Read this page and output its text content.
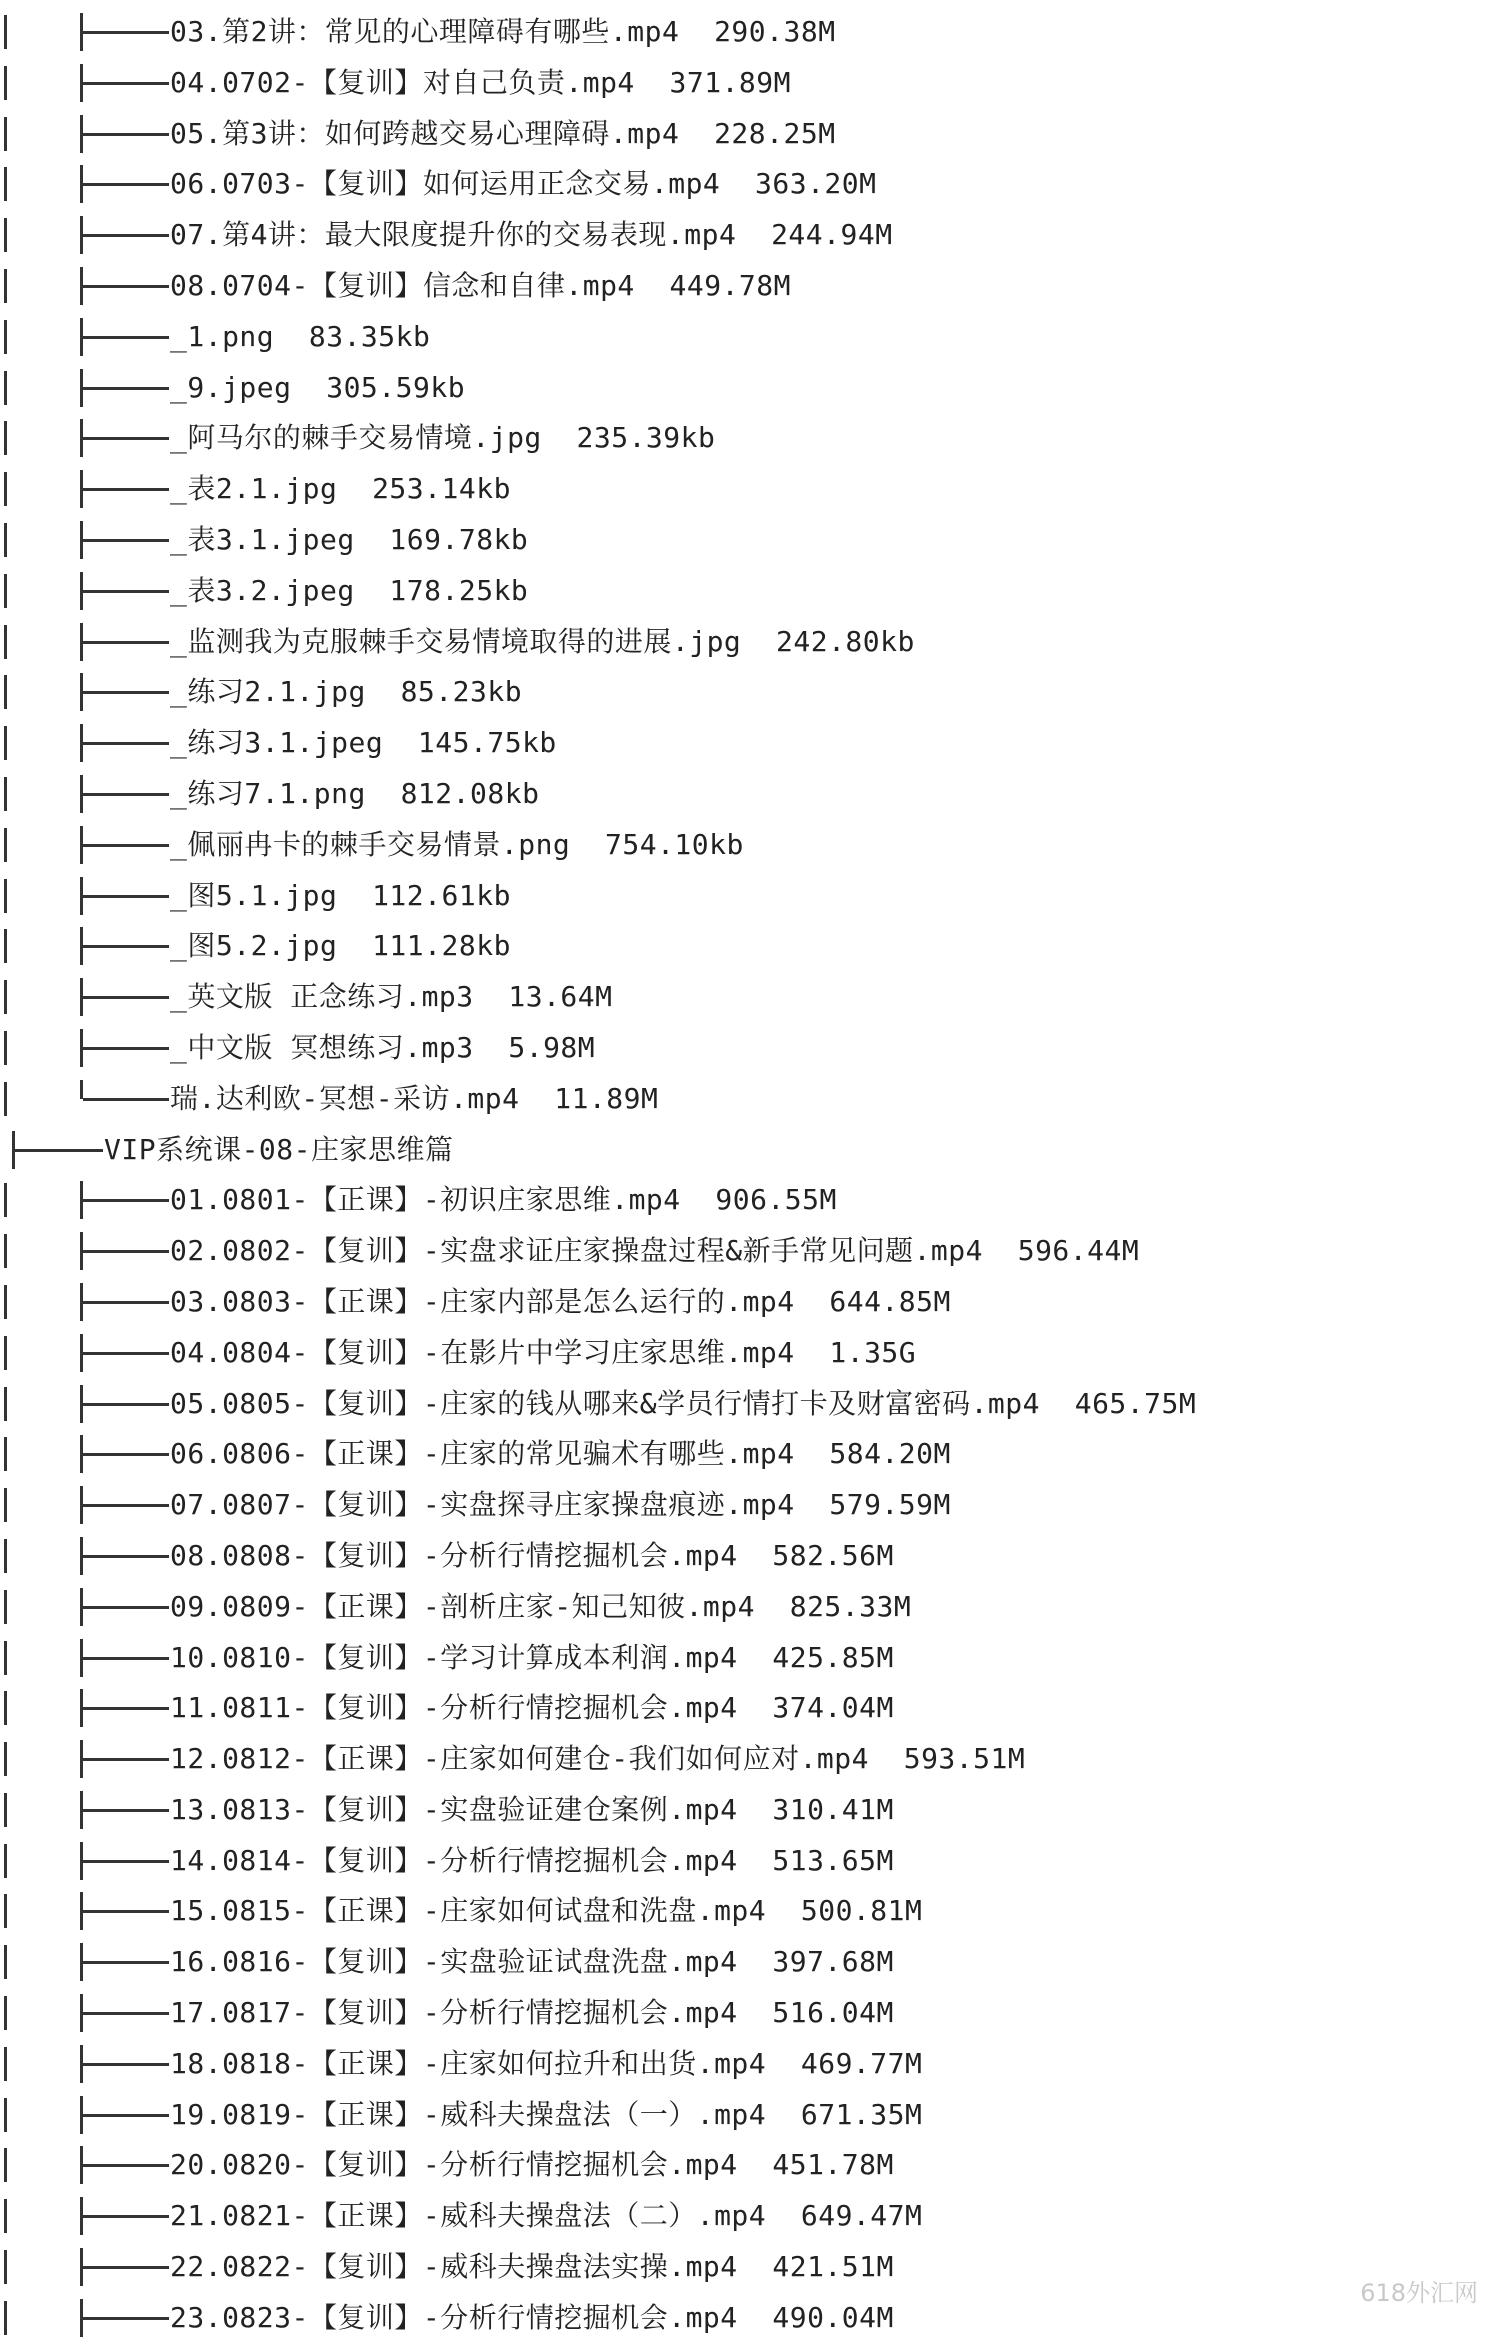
03.第2讲：常见的心理障碍有哪些.mp4  290.38M
04.0702-【复训】对自己负责.mp4  371.89M
05.第3讲：如何跨越交易心理障碍.mp4  228.25M
06.0703-【复训】如何运用正念交易.mp4  363.20M
07.第4讲：最大限度提升你的交易表现.mp4  244.94M
08.0704-【复训】信念和自律.mp4  449.78M
_1.png  83.35kb
_9.jpeg  305.59kb
_阿马尔的棘手交易情境.jpg  235.39kb
_表2.1.jpg  253.14kb
_表3.1.jpeg  169.78kb
_表3.2.jpeg  178.25kb
_监测我为克服棘手交易情境取得的进展.jpg  242.80kb
_练习2.1.jpg  85.23kb
_练习3.1.jpeg  145.75kb
_练习7.1.png  812.08kb
_佩丽冉卡的棘手交易情景.png  754.10kb
_图5.1.jpg  112.61kb
_图5.2.jpg  111.28kb
_英文版 正念练习.mp3  13.64M
_中文版 冥想练习.mp3  5.98M
瑞.达利欧-冥想-采访.mp4  11.89M
VIP系统课-08-庄家思维篇
01.0801-【正课】-初识庄家思维.mp4  906.55M
02.0802-【复训】-实盘求证庄家操盘过程&新手常见问题.mp4  596.44M
03.0803-【正课】-庄家内部是怎么运行的.mp4  644.85M
04.0804-【复训】-在影片中学习庄家思维.mp4  1.35G
05.0805-【复训】-庄家的钱从哪来&学员行情打卡及财富密码.mp4  465.75M
06.0806-【正课】-庄家的常见骗术有哪些.mp4  584.20M
07.0807-【复训】-实盘探寻庄家操盘痕迹.mp4  579.59M
08.0808-【复训】-分析行情挖掘机会.mp4  582.56M
09.0809-【正课】-剖析庄家-知己知彼.mp4  825.33M
10.0810-【复训】-学习计算成本利润.mp4  425.85M
11.0811-【复训】-分析行情挖掘机会.mp4  374.04M
12.0812-【正课】-庄家如何建仓-我们如何应对.mp4  593.51M
13.0813-【复训】-实盘验证建仓案例.mp4  310.41M
14.0814-【复训】-分析行情挖掘机会.mp4  513.65M
15.0815-【正课】-庄家如何试盘和洗盘.mp4  500.81M
16.0816-【复训】-实盘验证试盘洗盘.mp4  397.68M
17.0817-【复训】-分析行情挖掘机会.mp4  516.04M
18.0818-【正课】-庄家如何拉升和出货.mp4  469.77M
19.0819-【正课】-威科夫操盘法（一）.mp4  671.35M
20.0820-【复训】-分析行情挖掘机会.mp4  451.78M
21.0821-【正课】-威科夫操盘法（二）.mp4  649.47M
22.0822-【复训】-威科夫操盘法实操.mp4  421.51M
23.0823-【复训】-分析行情挖掘机会.mp4  490.04M
618外汇网
